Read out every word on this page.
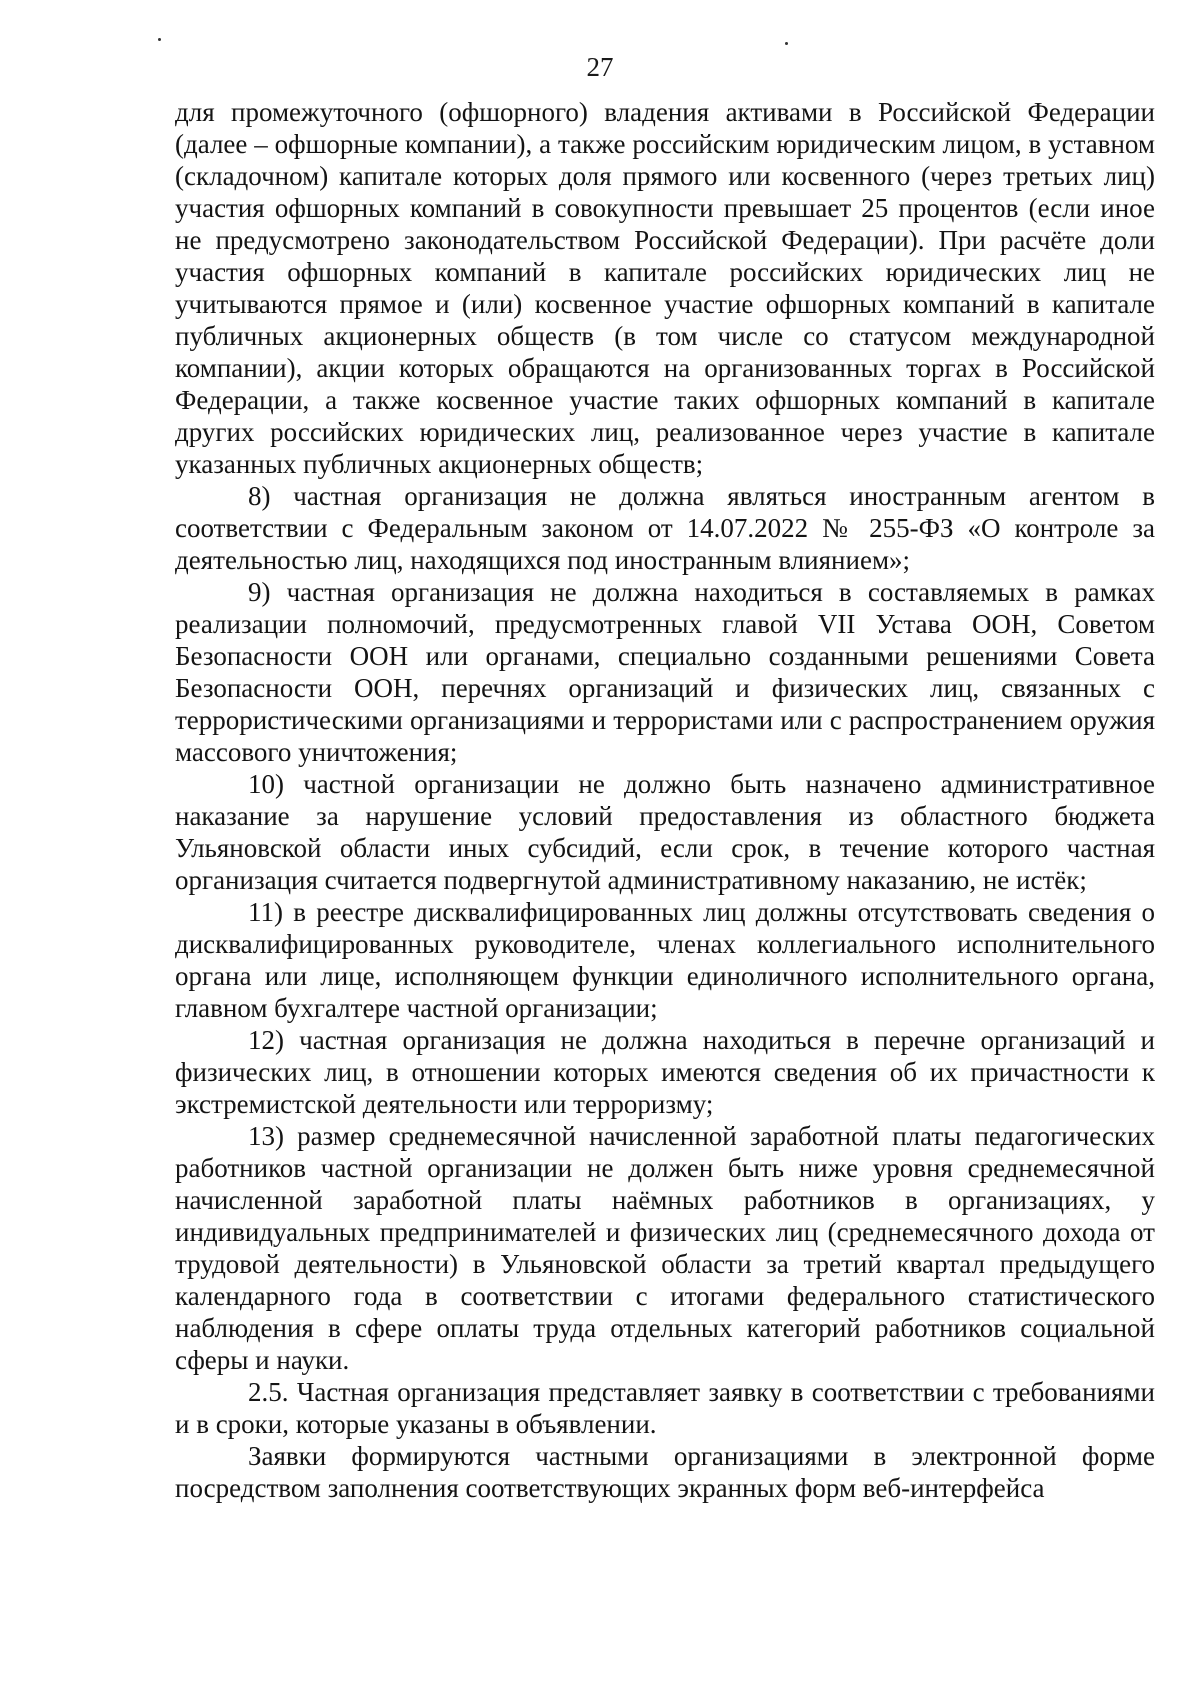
27

для промежуточного (офшорного) владения активами в Российской Федерации (далее – офшорные компании), а также российским юридическим лицом, в уставном (складочном) капитале которых доля прямого или косвенного (через третьих лиц) участия офшорных компаний в совокупности превышает 25 процентов (если иное не предусмотрено законодательством Российской Федерации). При расчёте доли участия офшорных компаний в капитале российских юридических лиц не учитываются прямое и (или) косвенное участие офшорных компаний в капитале публичных акционерных обществ (в том числе со статусом международной компании), акции которых обращаются на организованных торгах в Российской Федерации, а также косвенное участие таких офшорных компаний в капитале других российских юридических лиц, реализованное через участие в капитале указанных публичных акционерных обществ;

8) частная организация не должна являться иностранным агентом в соответствии с Федеральным законом от 14.07.2022 № 255-ФЗ «О контроле за деятельностью лиц, находящихся под иностранным влиянием»;

9) частная организация не должна находиться в составляемых в рамках реализации полномочий, предусмотренных главой VII Устава ООН, Советом Безопасности ООН или органами, специально созданными решениями Совета Безопасности ООН, перечнях организаций и физических лиц, связанных с террористическими организациями и террористами или с распространением оружия массового уничтожения;

10) частной организации не должно быть назначено административное наказание за нарушение условий предоставления из областного бюджета Ульяновской области иных субсидий, если срок, в течение которого частная организация считается подвергнутой административному наказанию, не истёк;

11) в реестре дисквалифицированных лиц должны отсутствовать сведения о дисквалифицированных руководителе, членах коллегиального исполнительного органа или лице, исполняющем функции единоличного исполнительного органа, главном бухгалтере частной организации;

12) частная организация не должна находиться в перечне организаций и физических лиц, в отношении которых имеются сведения об их причастности к экстремистской деятельности или терроризму;

13) размер среднемесячной начисленной заработной платы педагогических работников частной организации не должен быть ниже уровня среднемесячной начисленной заработной платы наёмных работников в организациях, у индивидуальных предпринимателей и физических лиц (среднемесячного дохода от трудовой деятельности) в Ульяновской области за третий квартал предыдущего календарного года в соответствии с итогами федерального статистического наблюдения в сфере оплаты труда отдельных категорий работников социальной сферы и науки.

2.5. Частная организация представляет заявку в соответствии с требованиями и в сроки, которые указаны в объявлении.

Заявки формируются частными организациями в электронной форме посредством заполнения соответствующих экранных форм веб-интерфейса
